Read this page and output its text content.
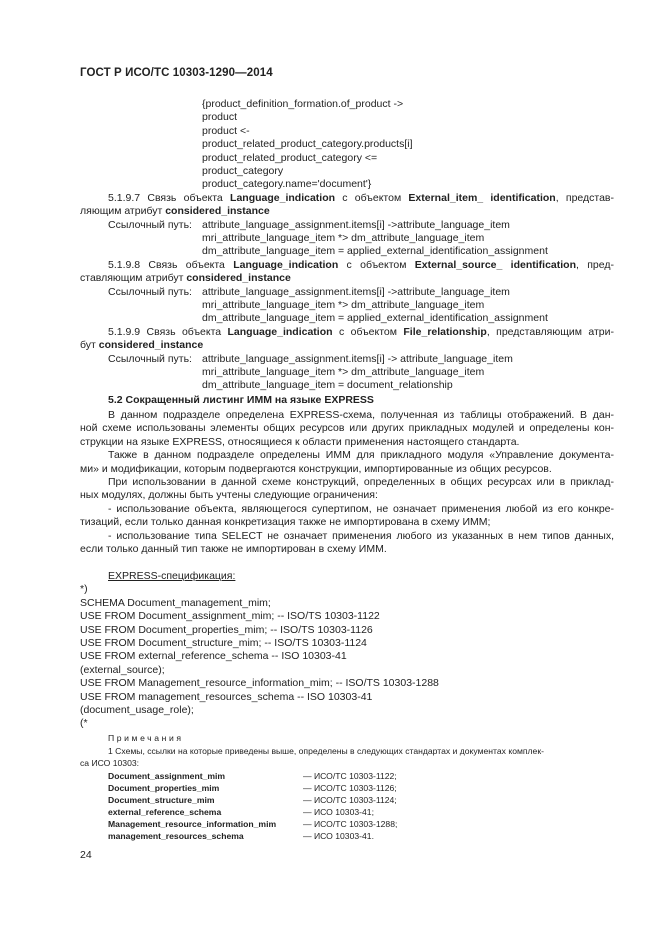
ГОСТ Р ИСО/ТС 10303-1290—2014
{product_definition_formation.of_product ->
product
product <-
product_related_product_category.products[i]
product_related_product_category <=
product_category
product_category.name='document'}
5.1.9.7 Связь объекта Language_indication с объектом External_item_ identification, представ-
ляющим атрибут considered_instance
Ссылочный путь: attribute_language_assignment.items[i] ->attribute_language_item
mri_attribute_language_item *> dm_attribute_language_item
dm_attribute_language_item = applied_external_identification_assignment
5.1.9.8 Связь объекта Language_indication с объектом External_source_ identification, пред-
ставляющим атрибут considered_instance
Ссылочный путь: attribute_language_assignment.items[i] ->attribute_language_item
mri_attribute_language_item *> dm_attribute_language_item
dm_attribute_language_item = applied_external_identification_assignment
5.1.9.9 Связь объекта Language_indication с объектом File_relationship, представляющим атри-
бут considered_instance
Ссылочный путь: attribute_language_assignment.items[i] -> attribute_language_item
mri_attribute_language_item *> dm_attribute_language_item
dm_attribute_language_item = document_relationship
5.2 Сокращенный листинг ИММ на языке EXPRESS
В данном подразделе определена EXPRESS-схема, полученная из таблицы отображений. В дан-
ной схеме использованы элементы общих ресурсов или других прикладных модулей и определены кон-
струкции на языке EXPRESS, относящиеся к области применения настоящего стандарта.
Также в данном подразделе определены ИММ для прикладного модуля «Управление документа-
ми» и модификации, которым подвергаются конструкции, импортированные из общих ресурсов.
При использовании в данной схеме конструкций, определенных в общих ресурсах или в приклад-
ных модулях, должны быть учтены следующие ограничения:
- использование объекта, являющегося супертипом, не означает применения любой из его конкре-
тизаций, если только данная конкретизация также не импортирована в схему ИММ;
- использование типа SELECT не означает применения любого из указанных в нем типов данных,
если только данный тип также не импортирован в схему ИММ.
EXPRESS-спецификация:
*)
SCHEMA Document_management_mim;
USE FROM Document_assignment_mim; -- ISO/TS 10303-1122
USE FROM Document_properties_mim; -- ISO/TS 10303-1126
USE FROM Document_structure_mim; -- ISO/TS 10303-1124
USE FROM external_reference_schema -- ISO 10303-41
(external_source);
USE FROM Management_resource_information_mim; -- ISO/TS 10303-1288
USE FROM management_resources_schema -- ISO 10303-41
(document_usage_role);
(*
Примечания
1 Схемы, ссылки на которые приведены выше, определены в следующих стандартах и документах комплек-
са ИСО 10303:
Document_assignment_mim	— ИСО/ТС 10303-1122;
Document_properties_mim	— ИСО/ТС 10303-1126;
Document_structure_mim	— ИСО/ТС 10303-1124;
external_reference_schema	— ИСО 10303-41;
Management_resource_information_mim	— ИСО/ТС 10303-1288;
management_resources_schema	— ИСО 10303-41.
24
